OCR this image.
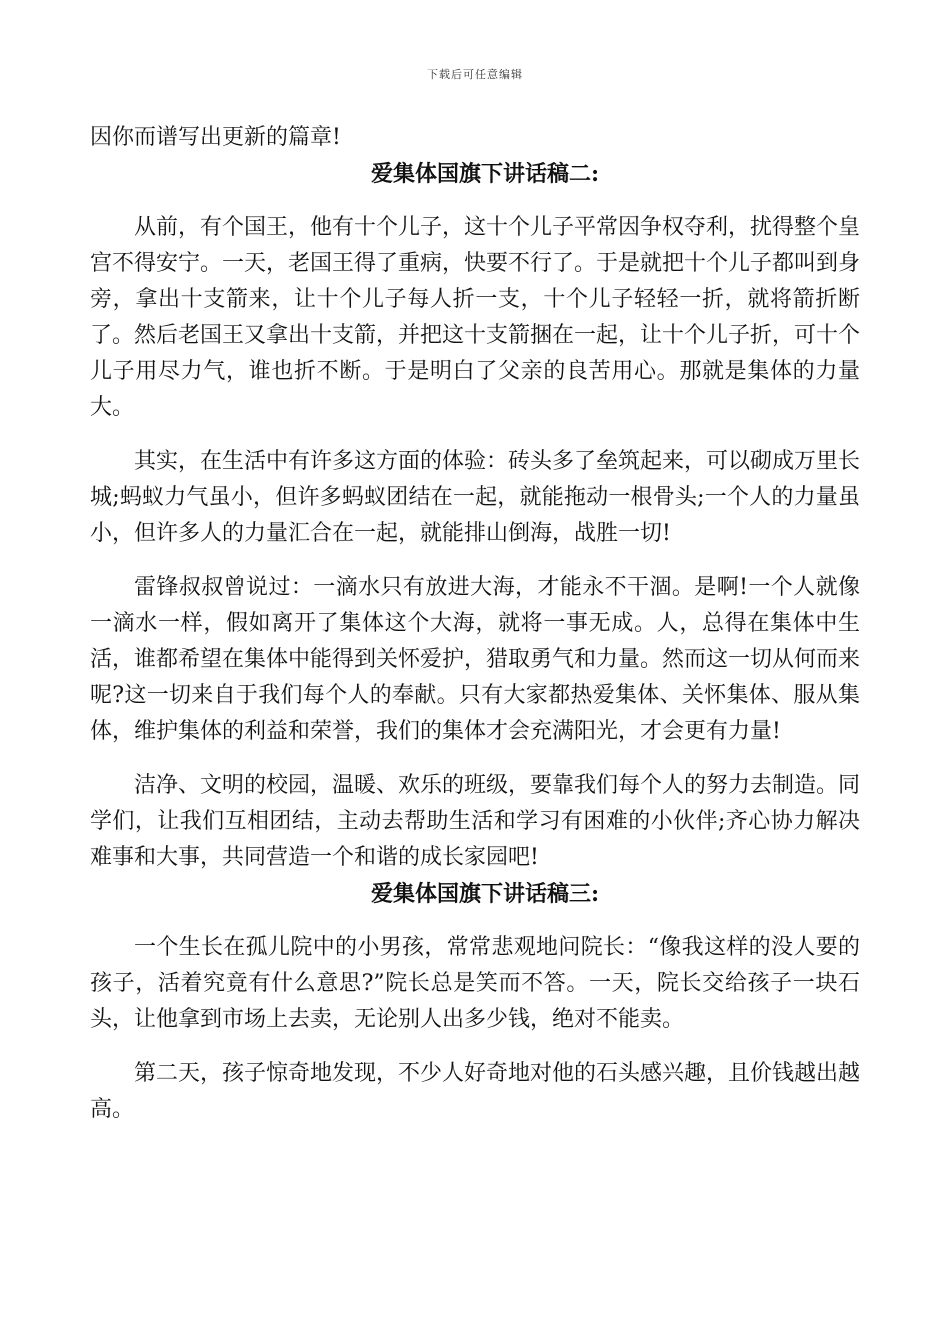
下载后可任意编辑

因你而谱写出更新的篇章!

爱集体国旗下讲话稿二:

从前，有个国王，他有十个儿子，这十个儿子平常因争权夺利，扰得整个皇宫不得安宁。一天，老国王得了重病，快要不行了。于是就把十个儿子都叫到身旁，拿出十支箭来，让十个儿子每人折一支，十个儿子轻轻一折，就将箭折断了。然后老国王又拿出十支箭，并把这十支箭捆在一起，让十个儿子折，可十个儿子用尽力气，谁也折不断。于是明白了父亲的良苦用心。那就是集体的力量大。

其实，在生活中有许多这方面的体验：砖头多了垒筑起来，可以砌成万里长城;蚂蚁力气虽小，但许多蚂蚁团结在一起，就能拖动一根骨头;一个人的力量虽小，但许多人的力量汇合在一起，就能排山倒海，战胜一切!

雷锋叔叔曾说过：一滴水只有放进大海，才能永不干涸。是啊!一个人就像一滴水一样，假如离开了集体这个大海，就将一事无成。人，总得在集体中生活，谁都希望在集体中能得到关怀爱护，猎取勇气和力量。然而这一切从何而来呢?这一切来自于我们每个人的奉献。只有大家都热爱集体、关怀集体、服从集体，维护集体的利益和荣誉，我们的集体才会充满阳光，才会更有力量!

洁净、文明的校园，温暖、欢乐的班级，要靠我们每个人的努力去制造。同学们，让我们互相团结，主动去帮助生活和学习有困难的小伙伴;齐心协力解决难事和大事，共同营造一个和谐的成长家园吧!

爱集体国旗下讲话稿三:

一个生长在孤儿院中的小男孩，常常悲观地问院长：“像我这样的没人要的孩子，活着究竟有什么意思?”院长总是笑而不答。一天，院长交给孩子一块石头，让他拿到市场上去卖，无论别人出多少钱，绝对不能卖。

第二天，孩子惊奇地发现，不少人好奇地对他的石头感兴趣，且价钱越出越高。
